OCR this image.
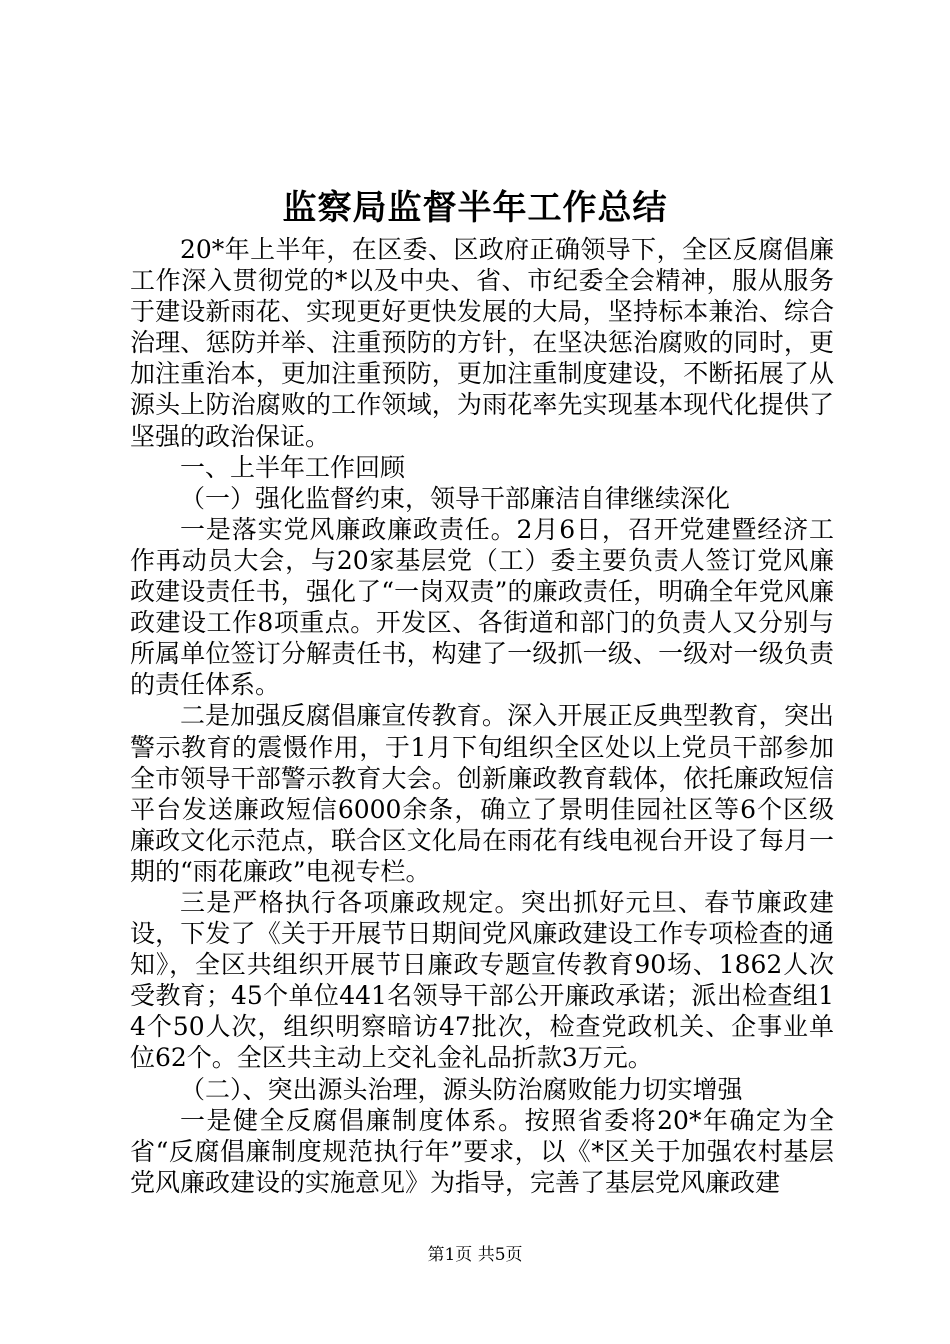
监察局监督半年工作总结

20*年上半年，在区委、区政府正确领导下，全区反腐倡廉工作深入贯彻党的*以及中央、省、市纪委全会精神，服从服务于建设新雨花、实现更好更快发展的大局，坚持标本兼治、综合治理、惩防并举、注重预防的方针，在坚决惩治腐败的同时，更加注重治本，更加注重预防，更加注重制度建设，不断拓展了从源头上防治腐败的工作领域，为雨花率先实现基本现代化提供了坚强的政治保证。

一、上半年工作回顾

（一）强化监督约束，领导干部廉洁自律继续深化

一是落实党风廉政廉政责任。2月6日，召开党建暨经济工作再动员大会，与20家基层党（工）委主要负责人签订党风廉政建设责任书，强化了“一岗双责”的廉政责任，明确全年党风廉政建设工作8项重点。开发区、各街道和部门的负责人又分别与所属单位签订分解责任书，构建了一级抓一级、一级对一级负责的责任体系。

二是加强反腐倡廉宣传教育。深入开展正反典型教育，突出警示教育的震慑作用，于1月下旬组织全区处以上党员干部参加全市领导干部警示教育大会。创新廉政教育载体，依托廉政短信平台发送廉政短信6000余条，确立了景明佳园社区等6个区级廉政文化示范点，联合区文化局在雨花有线电视台开设了每月一期的“雨花廉政”电视专栏。

三是严格执行各项廉政规定。突出抓好元旦、春节廉政建设，下发了《关于开展节日期间党风廉政建设工作专项检查的通知》，全区共组织开展节日廉政专题宣传教育90场、1862人次受教育；45个单位441名领导干部公开廉政承诺；派出检查组14个50人次，组织明察暗访47批次，检查党政机关、企事业单位62个。全区共主动上交礼金礼品折款3万元。

（二）、突出源头治理，源头防治腐败能力切实增强

一是健全反腐倡廉制度体系。按照省委将20*年确定为全省“反腐倡廉制度规范执行年”要求，以《*区关于加强农村基层党风廉政建设的实施意见》为指导，完善了基层党风廉政建

第1页 共5页
